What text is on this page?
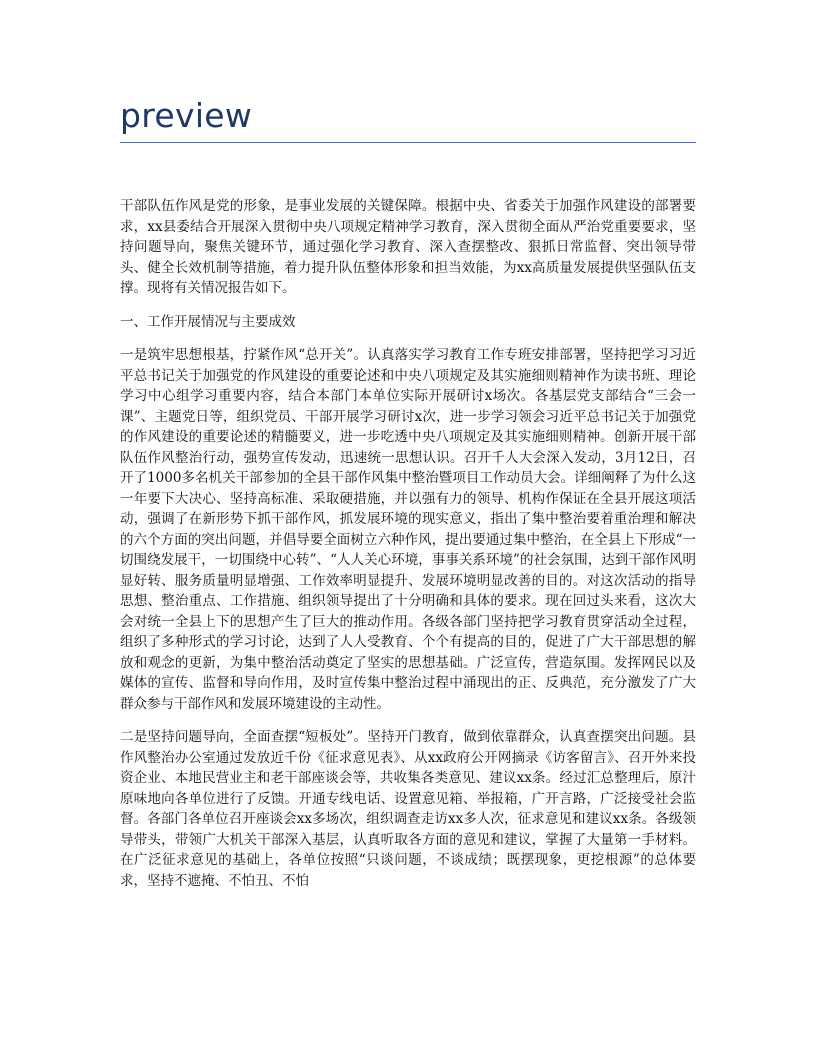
preview

干部队伍作风是党的形象，是事业发展的关键保障。根据中央、省委关于加强作风建设的部署要求，xx县委结合开展深入贯彻中央八项规定精神学习教育，深入贯彻全面从严治党重要要求，坚持问题导向，聚焦关键环节，通过强化学习教育、深入查摆整改、狠抓日常监督、突出领导带头、健全长效机制等措施，着力提升队伍整体形象和担当效能，为xx高质量发展提供坚强队伍支撑。现将有关情况报告如下。

一、工作开展情况与主要成效

一是筑牢思想根基，拧紧作风“总开关”。认真落实学习教育工作专班安排部署，坚持把学习习近平总书记关于加强党的作风建设的重要论述和中央八项规定及其实施细则精神作为读书班、理论学习中心组学习重要内容，结合本部门本单位实际开展研讨x场次。各基层党支部结合“三会一课”、主题党日等，组织党员、干部开展学习研讨x次，进一步学习领会习近平总书记关于加强党的作风建设的重要论述的精髓要义，进一步吃透中央八项规定及其实施细则精神。创新开展干部队伍作风整治行动，强势宣传发动，迅速统一思想认识。召开千人大会深入发动，3月12日，召开了1000多名机关干部参加的全县干部作风集中整治暨项目工作动员大会。详细阐释了为什么这一年要下大决心、坚持高标准、采取硬措施，并以强有力的领导、机构作保证在全县开展这项活动，强调了在新形势下抓干部作风，抓发展环境的现实意义，指出了集中整治要着重治理和解决的六个方面的突出问题，并倡导要全面树立六种作风，提出要通过集中整治，在全县上下形成“一切围绕发展干，一切围绕中心转”、“人人关心环境，事事关系环境”的社会氛围，达到干部作风明显好转、服务质量明显增强、工作效率明显提升、发展环境明显改善的目的。对这次活动的指导思想、整治重点、工作措施、组织领导提出了十分明确和具体的要求。现在回过头来看，这次大会对统一全县上下的思想产生了巨大的推动作用。各级各部门坚持把学习教育贯穿活动全过程，组织了多种形式的学习讨论，达到了人人受教育、个个有提高的目的，促进了广大干部思想的解放和观念的更新，为集中整治活动奠定了坚实的思想基础。广泛宣传，营造氛围。发挥网民以及媒体的宣传、监督和导向作用，及时宣传集中整治过程中涌现出的正、反典范，充分激发了广大群众参与干部作风和发展环境建设的主动性。

二是坚持问题导向，全面查摆“短板处”。坚持开门教育，做到依靠群众，认真查摆突出问题。县作风整治办公室通过发放近千份《征求意见表》、从xx政府公开网摘录《访客留言》、召开外来投资企业、本地民营业主和老干部座谈会等，共收集各类意见、建议xx条。经过汇总整理后，原汁原味地向各单位进行了反馈。开通专线电话、设置意见箱、举报箱，广开言路，广泛接受社会监督。各部门各单位召开座谈会xx多场次，组织调查走访xx多人次，征求意见和建议xx条。各级领导带头，带领广大机关干部深入基层，认真听取各方面的意见和建议，掌握了大量第一手材料。在广泛征求意见的基础上，各单位按照“只谈问题，不谈成绩；既摆现象，更挖根源”的总体要求，坚持不遮掩、不怕丑、不怕
